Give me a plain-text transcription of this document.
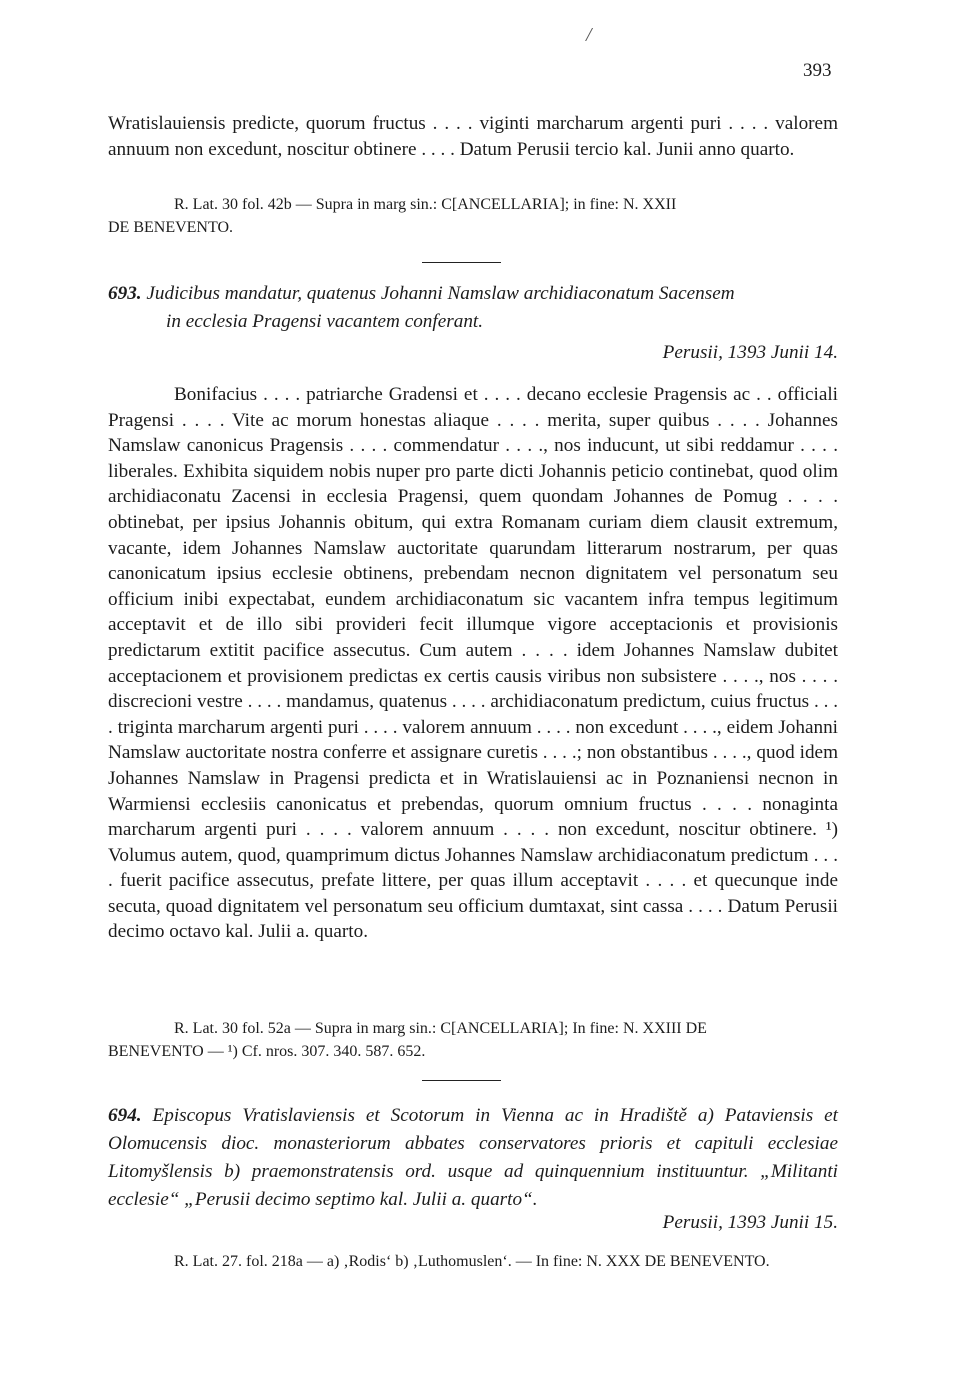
/
393

Wratislauiensis predicte, quorum fructus . . . . viginti marcharum argenti puri . . . . valorem annuum non excedunt, noscitur obtinere . . . . Datum Perusii tercio kal. Junii anno quarto.

R. Lat. 30 fol. 42b — Supra in marg sin.: C[ANCELLARIA]; in fine: N. XXII

DE BENEVENTO.

693. Judicibus mandatur, quatenus Johanni Namslaw archidiaconatum Sacensem

in ecclesia Pragensi vacantem conferant.

Perusii, 1393 Junii 14.

Bonifacius . . . . patriarche Gradensi et . . . . decano ecclesie Pragensis ac . . officiali Pragensi . . . . Vite ac morum honestas aliaque . . . . merita, super quibus . . . . Johannes Namslaw canonicus Pragensis . . . . commendatur . . . ., nos inducunt, ut sibi reddamur . . . . liberales. Exhibita siquidem nobis nuper pro parte dicti Johannis peticio continebat, quod olim archidiaconatu Zacensi in ecclesia Pragensi, quem quondam Johannes de Pomug . . . . obtinebat, per ipsius Johannis obitum, qui extra Romanam curiam diem clausit extremum, vacante, idem Johannes Namslaw auctoritate quarundam litterarum nostrarum, per quas canonicatum ipsius ecclesie obtinens, prebendam necnon dignitatem vel personatum seu officium inibi expectabat, eundem archidiaconatum sic vacantem infra tempus legitimum acceptavit et de illo sibi provideri fecit illumque vigore acceptacionis et provisionis predictarum extitit pacifice assecutus. Cum autem . . . . idem Johannes Namslaw dubitet acceptacionem et provisionem predictas ex certis causis viribus non subsistere . . . ., nos . . . . discrecioni vestre . . . . mandamus, quatenus . . . . archidiaconatum predictum, cuius fructus . . . . triginta marcharum argenti puri . . . . valorem annuum . . . . non excedunt . . . ., eidem Johanni Namslaw auctoritate nostra conferre et assignare curetis . . . .; non obstantibus . . . ., quod idem Johannes Namslaw in Pragensi predicta et in Wratislauiensi ac in Poznaniensi necnon in Warmiensi ecclesiis canonicatus et prebendas, quorum omnium fructus . . . . nonaginta marcharum argenti puri . . . . valorem annuum . . . . non excedunt, noscitur obtinere. ¹) Volumus autem, quod, quamprimum dictus Johannes Namslaw archidiaconatum predictum . . . . fuerit pacifice assecutus, prefate littere, per quas illum acceptavit . . . . et quecunque inde secuta, quoad dignitatem vel personatum seu officium dumtaxat, sint cassa . . . . Datum Perusii decimo octavo kal. Julii a. quarto.

R. Lat. 30 fol. 52a — Supra in marg sin.: C[ANCELLARIA]; In fine: N. XXIII DE

BENEVENTO — ¹) Cf. nros. 307. 340. 587. 652.

694. Episcopus Vratislaviensis et Scotorum in Vienna ac in Hradiště a) Pataviensis et Olomucensis dioc. monasteriorum abbates conservatores prioris et capituli ecclesiae Litomyšlensis b) praemonstratensis ord. usque ad quinquennium instituuntur. „Militanti ecclesie“ „Perusii decimo septimo kal. Julii a. quarto“.

Perusii, 1393 Junii 15.

R. Lat. 27. fol. 218a — a) ‚Rodis‘ b) ‚Luthomuslen‘. — In fine: N. XXX DE BENEVENTO.
